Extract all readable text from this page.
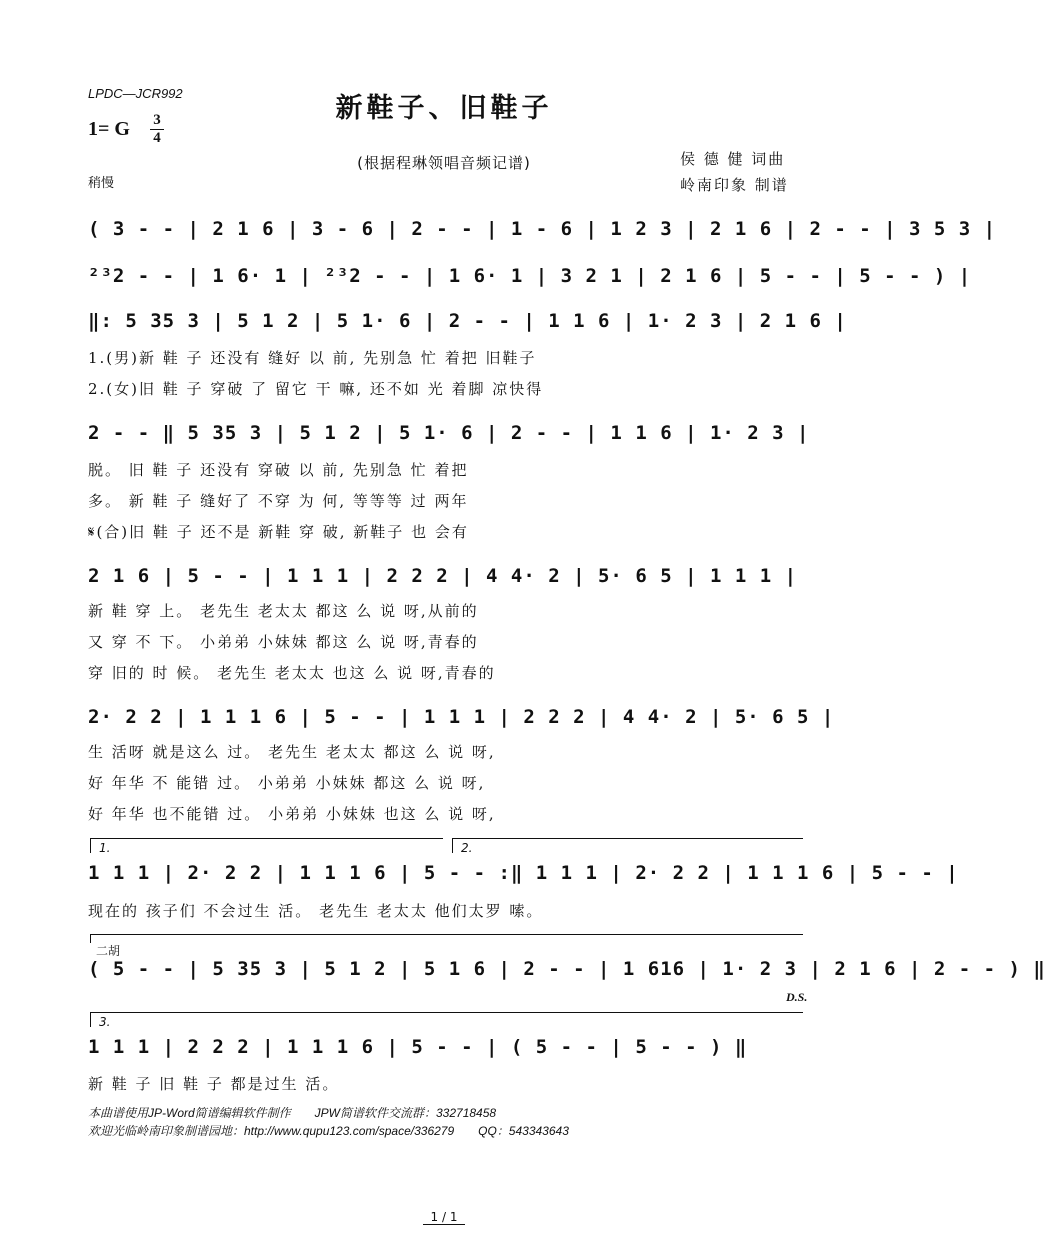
LPDC—JCR992
1= G 3
4
稍慢
新鞋子、旧鞋子
(根据程琳领唱音频记谱)	侯 德 健 词曲
岭南印象 制谱
( 3 - - | 2 1 6 | 3 - 6 | 2 - - | 1 - 6 | 1 2 3 | 2 1 6 | 2 - - | 3 5 3 |
²³2 - - | 1 6· 1 | ²³2 - - | 1 6· 1 | 3 2 1 | 2 1 6 | 5 - - | 5 - - ) |
‖: 5 35 3 | 5 1 2 | 5 1· 6 | 2 - - | 1 1 6 | 1· 2 3 | 2 1 6 |
1.(男)新 鞋 子 还没有 缝好 以 前, 先别急 忙 着把 旧鞋子
2.(女)旧 鞋 子 穿破 了 留它 干 嘛, 还不如 光 着脚 凉快得
2 - - ‖ 5 35 3 | 5 1 2 | 5 1· 6 | 2 - - | 1 1 6 | 1· 2 3 |
脱。 旧 鞋 子 还没有 穿破 以 前, 先别急 忙 着把
多。 新 鞋 子 缝好了 不穿 为 何, 等等等 过 两年
𝄋(合)旧 鞋 子 还不是 新鞋 穿 破, 新鞋子 也 会有
2 1 6 | 5 - - | 1 1 1 | 2 2 2 | 4 4· 2 | 5· 6 5 | 1 1 1 |
新 鞋 穿 上。 老先生 老太太 都这 么 说 呀,从前的
又 穿 不 下。 小弟弟 小妹妹 都这 么 说 呀,青春的
穿 旧的 时 候。 老先生 老太太 也这 么 说 呀,青春的
2· 2 2 | 1 1 1 6 | 5 - - | 1 1 1 | 2 2 2 | 4 4· 2 | 5· 6 5 |
生 活呀 就是这么 过。 老先生 老太太 都这 么 说 呀,
好 年华 不 能错 过。 小弟弟 小妹妹 都这 么 说 呀,
好 年华 也不能错 过。 小弟弟 小妹妹 也这 么 说 呀,
1.	2.
1 1 1 | 2· 2 2 | 1 1 1 6 | 5 - - :‖ 1 1 1 | 2· 2 2 | 1 1 1 6 | 5 - - |
现在的 孩子们 不会过生 活。 老先生 老太太 他们太罗 嗦。
二胡
( 5 - - | 5 35 3 | 5 1 2 | 5 1 6 | 2 - - | 1 616 | 1· 2 3 | 2 1 6 | 2 - - ) ‖
D.S.
3.
1 1 1 | 2 2 2 | 1 1 1 6 | 5 - - | ( 5 - - | 5 - - ) ‖
新 鞋 子 旧 鞋 子 都是过生 活。
本曲谱使用JP-Word简谱编辑软件制作　　JPW简谱软件交流群：332718458
欢迎光临岭南印象制谱园地：http://www.qupu123.com/space/336279　　QQ：543343643
1 / 1
